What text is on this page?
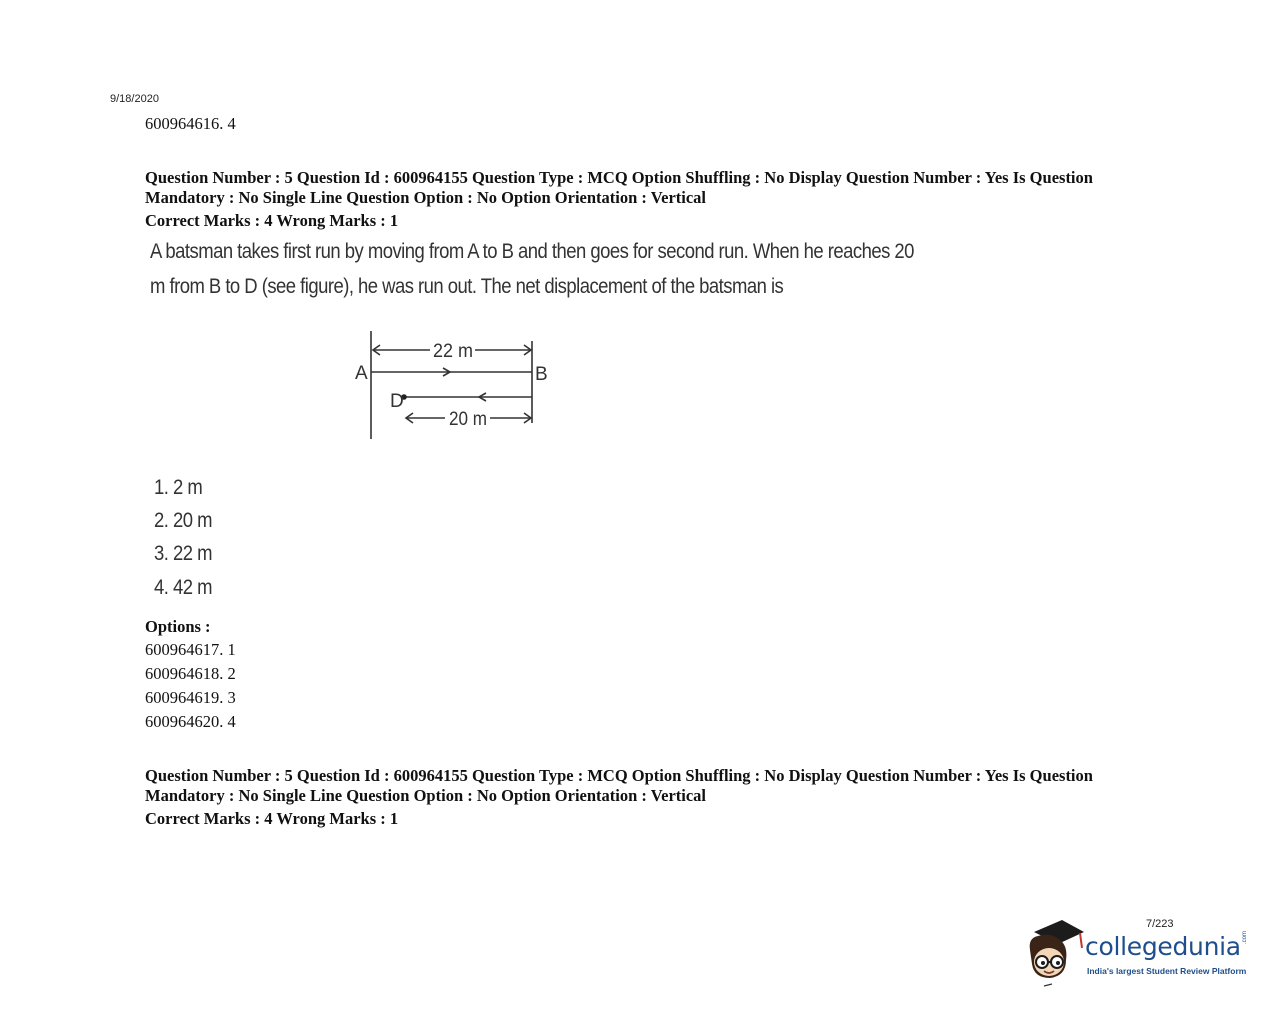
9/18/2020
600964616. 4
Question Number : 5 Question Id : 600964155 Question Type : MCQ Option Shuffling : No Display Question Number : Yes Is Question
Mandatory : No Single Line Question Option : No Option Orientation : Vertical
Correct Marks : 4 Wrong Marks : 1
A batsman takes first run by moving from A to B and then goes for second run. When he reaches 20
m from B to D (see figure), he was run out. The net displacement of the batsman is
A	B
D
22 m
20 m
1. 2 m
2. 20 m
3. 22 m
4. 42 m
Options :
600964617. 1
600964618. 2
600964619. 3
600964620. 4
Question Number : 5 Question Id : 600964155 Question Type : MCQ Option Shuffling : No Display Question Number : Yes Is Question
Mandatory : No Single Line Question Option : No Option Orientation : Vertical
Correct Marks : 4 Wrong Marks : 1
7/223
collegedunia .com
India's largest Student Review Platform
